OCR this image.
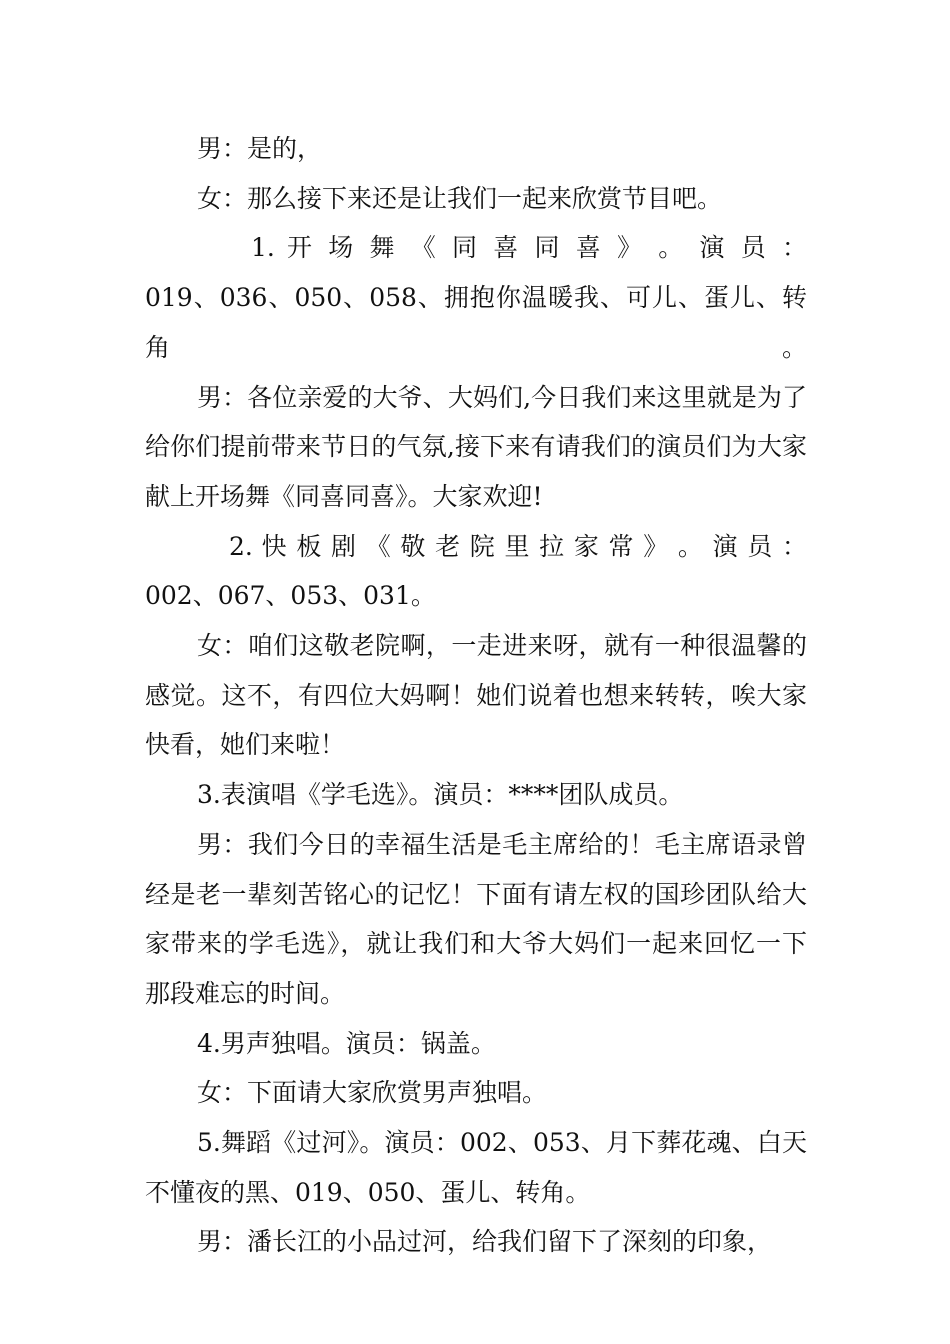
男：是的，

女：那么接下来还是让我们一起来欣赏节目吧。

1. 开 场 舞 《 同 喜 同 喜 》 。 演 员 ：
019、036、050、058、拥抱你温暖我、可儿、蛋儿、转角。

男：各位亲爱的大爷、大妈们,今日我们来这里就是为了给你们提前带来节日的气氛,接下来有请我们的演员们为大家献上开场舞《同喜同喜》。大家欢迎!

2. 快 板 剧 《 敬 老 院 里 拉 家 常 》 。 演 员 ：
002、067、053、031。

女：咱们这敬老院啊，一走进来呀，就有一种很温馨的感觉。这不，有四位大妈啊！她们说着也想来转转，唉大家快看，她们来啦！

3.表演唱《学毛选》。演员：****团队成员。

男：我们今日的幸福生活是毛主席给的！毛主席语录曾经是老一辈刻苦铭心的记忆！下面有请左权的国珍团队给大家带来的学毛选》，就让我们和大爷大妈们一起来回忆一下那段难忘的时间。

4.男声独唱。演员：锅盖。

女：下面请大家欣赏男声独唱。

5.舞蹈《过河》。演员：002、053、月下葬花魂、白天不懂夜的黑、019、050、蛋儿、转角。

男：潘长江的小品过河，给我们留下了深刻的印象，
